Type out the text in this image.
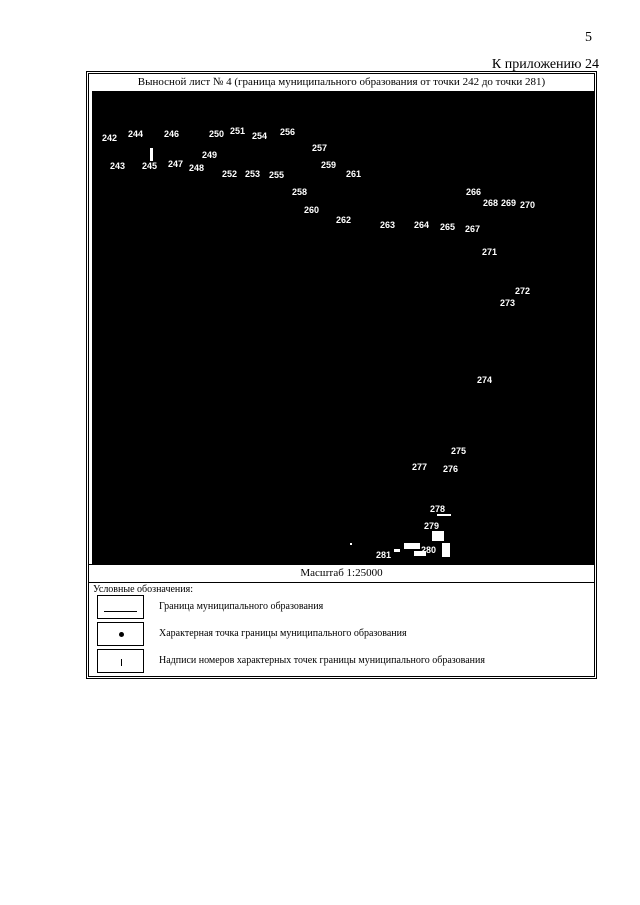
5
К приложению 24
Выносной лист № 4 (граница муниципального образования от точки 242 до точки 281)
242 244 246	250 251 254 256
243 245 247 248
249
252 253 255
257
259
261
258
260
262	263 264 265 267
266
268 269 270
271
272
273
274
275
277 276
278
279
280
281
Масштаб 1:25000
Условные обозначения:
Граница муниципального образования
Характерная точка границы муниципального образования
Надписи номеров характерных точек границы муниципального образования
